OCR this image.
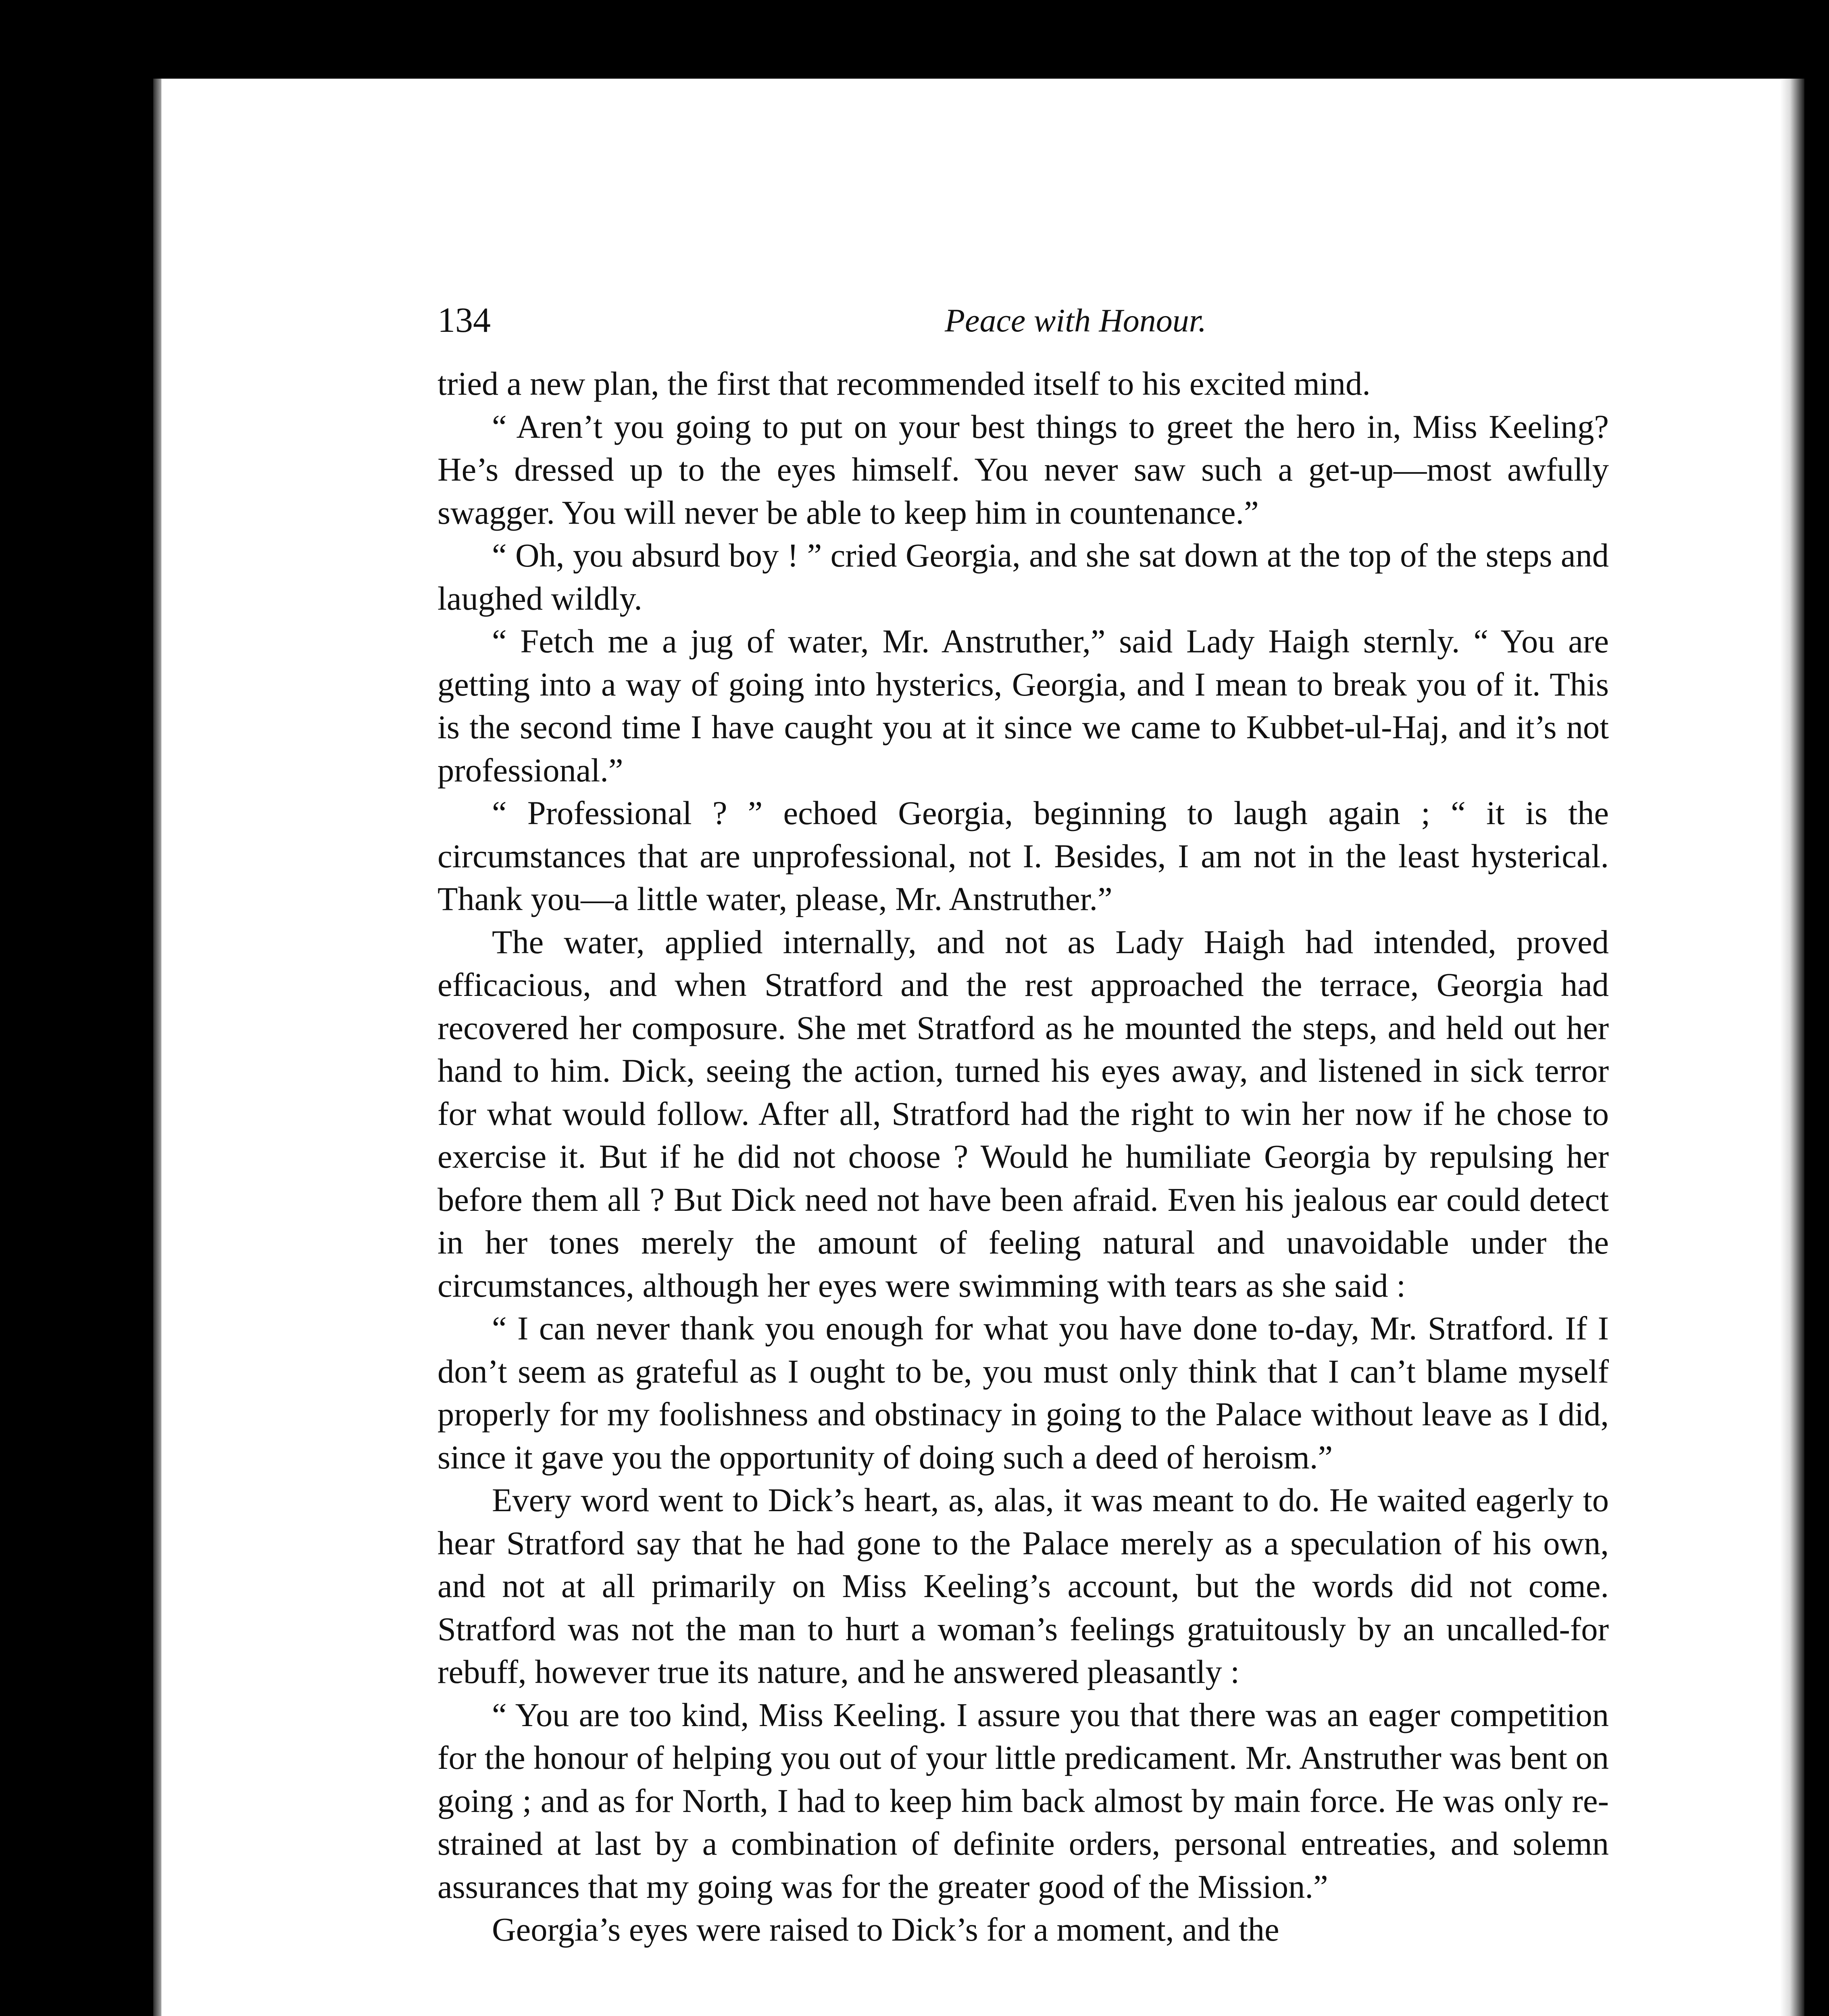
134	Peace with Honour.

tried a new plan, the first that recommended itself to his excited mind.

“ Aren’t you going to put on your best things to greet the hero in, Miss Keeling? He’s dressed up to the eyes himself. You never saw such a get-up—most awfully swagger. You will never be able to keep him in countenance.”

“ Oh, you absurd boy ! ” cried Georgia, and she sat down at the top of the steps and laughed wildly.

“ Fetch me a jug of water, Mr. Anstruther,” said Lady Haigh sternly. “ You are getting into a way of going into hysterics, Georgia, and I mean to break you of it. This is the second time I have caught you at it since we came to Kubbet-ul-Haj, and it’s not professional.”

“ Professional ? ” echoed Georgia, beginning to laugh again ; “ it is the circumstances that are unprofessional, not I. Besides, I am not in the least hysterical. Thank you—a little water, please, Mr. Anstruther.”

The water, applied internally, and not as Lady Haigh had intended, proved efficacious, and when Stratford and the rest approached the terrace, Georgia had recovered her composure. She met Stratford as he mounted the steps, and held out her hand to him. Dick, seeing the action, turned his eyes away, and listened in sick terror for what would follow. After all, Stratford had the right to win her now if he chose to exercise it. But if he did not choose ? Would he humiliate Georgia by repulsing her before them all ? But Dick need not have been afraid. Even his jealous ear could detect in her tones merely the amount of feeling natural and unavoidable under the circumstances, although her eyes were swimming with tears as she said :

“ I can never thank you enough for what you have done to-day, Mr. Stratford. If I don’t seem as grateful as I ought to be, you must only think that I can’t blame myself properly for my foolishness and obstinacy in going to the Palace without leave as I did, since it gave you the opportunity of doing such a deed of heroism.”

Every word went to Dick’s heart, as, alas, it was meant to do. He waited eagerly to hear Stratford say that he had gone to the Palace merely as a speculation of his own, and not at all primarily on Miss Keeling’s account, but the words did not come. Stratford was not the man to hurt a woman’s feelings gratuitously by an uncalled-for rebuff, however true its nature, and he answered pleasantly :

“ You are too kind, Miss Keeling. I assure you that there was an eager competition for the honour of helping you out of your little predicament. Mr. Anstruther was bent on going ; and as for North, I had to keep him back almost by main force. He was only re-strained at last by a combination of definite orders, personal entreaties, and solemn assurances that my going was for the greater good of the Mission.”

Georgia’s eyes were raised to Dick’s for a moment, and the
